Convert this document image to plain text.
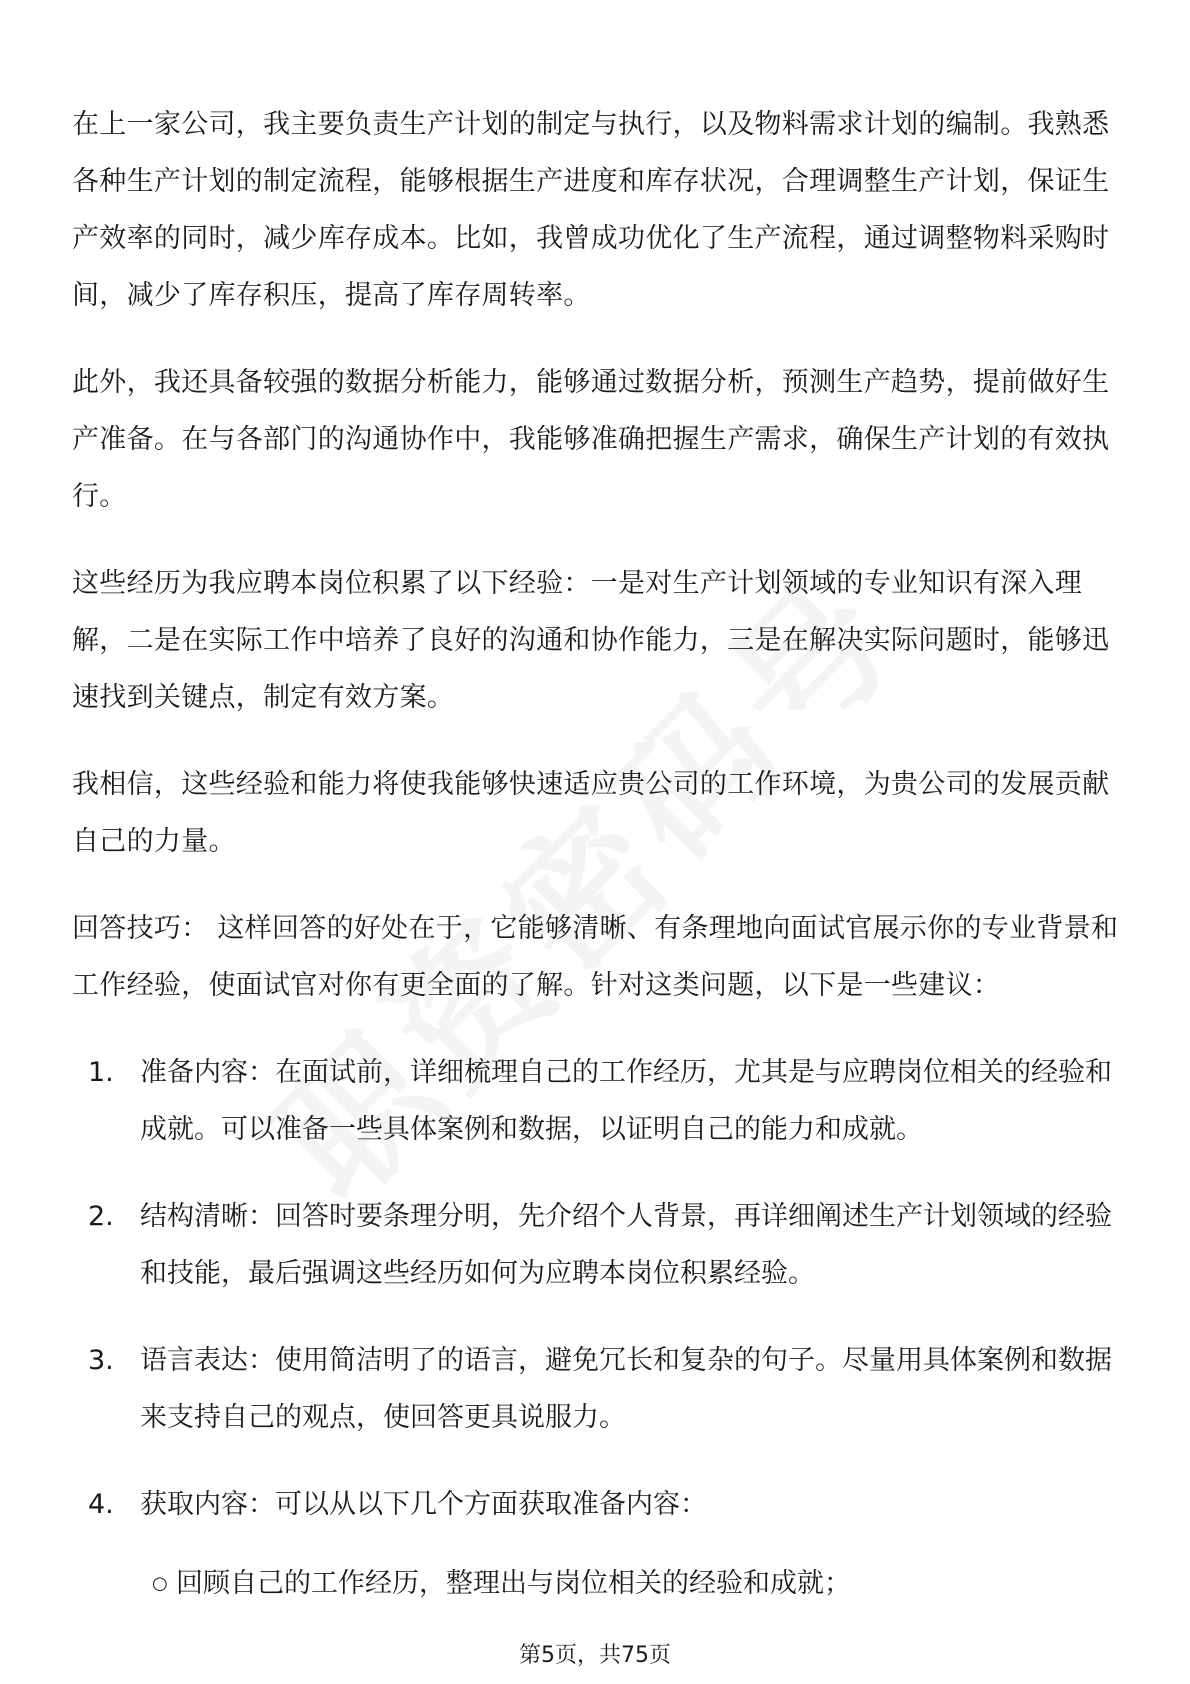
在上一家公司，我主要负责生产计划的制定与执行，以及物料需求计划的编制。我熟悉各种生产计划的制定流程，能够根据生产进度和库存状况，合理调整生产计划，保证生产效率的同时，减少库存成本。比如，我曾成功优化了生产流程，通过调整物料采购时间，减少了库存积压，提高了库存周转率。

此外，我还具备较强的数据分析能力，能够通过数据分析，预测生产趋势，提前做好生产准备。在与各部门的沟通协作中，我能够准确把握生产需求，确保生产计划的有效执行。

这些经历为我应聘本岗位积累了以下经验：一是对生产计划领域的专业知识有深入理解，二是在实际工作中培养了良好的沟通和协作能力，三是在解决实际问题时，能够迅速找到关键点，制定有效方案。

我相信，这些经验和能力将使我能够快速适应贵公司的工作环境，为贵公司的发展贡献自己的力量。

回答技巧： 这样回答的好处在于，它能够清晰、有条理地向面试官展示你的专业背景和工作经验，使面试官对你有更全面的了解。针对这类问题，以下是一些建议：

1. 准备内容：在面试前，详细梳理自己的工作经历，尤其是与应聘岗位相关的经验和成就。可以准备一些具体案例和数据，以证明自己的能力和成就。
2. 结构清晰：回答时要条理分明，先介绍个人背景，再详细阐述生产计划领域的经验和技能，最后强调这些经历如何为应聘本岗位积累经验。
3. 语言表达：使用简洁明了的语言，避免冗长和复杂的句子。尽量用具体案例和数据来支持自己的观点，使回答更具说服力。
4. 获取内容：可以从以下几个方面获取准备内容：
○ 回顾自己的工作经历，整理出与岗位相关的经验和成就；
第5页，共75页
